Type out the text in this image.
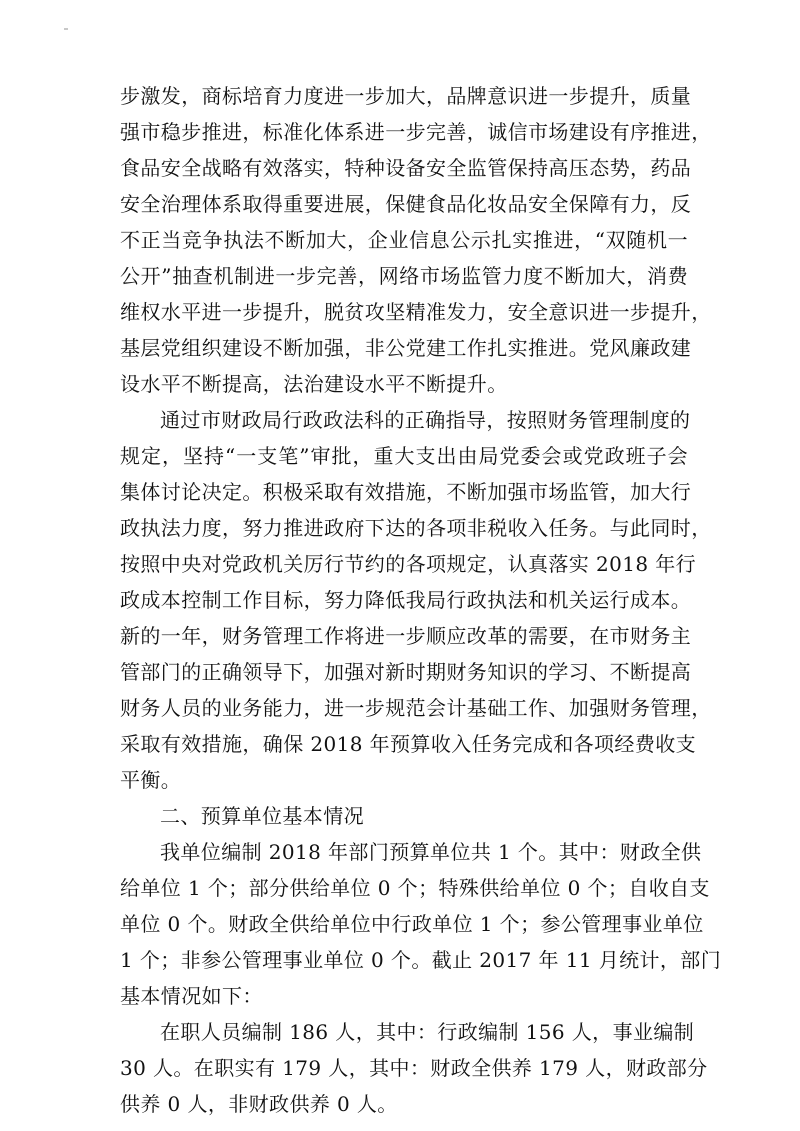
步激发，商标培育力度进一步加大，品牌意识进一步提升，质量
强市稳步推进，标准化体系进一步完善，诚信市场建设有序推进，
食品安全战略有效落实，特种设备安全监管保持高压态势，药品
安全治理体系取得重要进展，保健食品化妆品安全保障有力，反
不正当竞争执法不断加大，企业信息公示扎实推进，“双随机一
公开”抽查机制进一步完善，网络市场监管力度不断加大，消费
维权水平进一步提升，脱贫攻坚精准发力，安全意识进一步提升，
基层党组织建设不断加强，非公党建工作扎实推进。党风廉政建
设水平不断提高，法治建设水平不断提升。
通过市财政局行政政法科的正确指导，按照财务管理制度的
规定，坚持“一支笔”审批，重大支出由局党委会或党政班子会
集体讨论决定。积极采取有效措施，不断加强市场监管，加大行
政执法力度，努力推进政府下达的各项非税收入任务。与此同时，
按照中央对党政机关厉行节约的各项规定，认真落实 2018 年行
政成本控制工作目标，努力降低我局行政执法和机关运行成本。
新的一年，财务管理工作将进一步顺应改革的需要，在市财务主
管部门的正确领导下，加强对新时期财务知识的学习、不断提高
财务人员的业务能力，进一步规范会计基础工作、加强财务管理，
采取有效措施，确保 2018 年预算收入任务完成和各项经费收支
平衡。
二、预算单位基本情况
我单位编制 2018 年部门预算单位共 1 个。其中：财政全供
给单位 1 个；部分供给单位 0 个；特殊供给单位 0 个；自收自支
单位 0 个。财政全供给单位中行政单位 1 个；参公管理事业单位
1 个；非参公管理事业单位 0 个。截止 2017 年 11 月统计，部门
基本情况如下：
在职人员编制 186 人，其中：行政编制 156 人，事业编制
30 人。在职实有 179 人，其中：财政全供养 179 人，财政部分
供养 0 人，非财政供养 0 人。
